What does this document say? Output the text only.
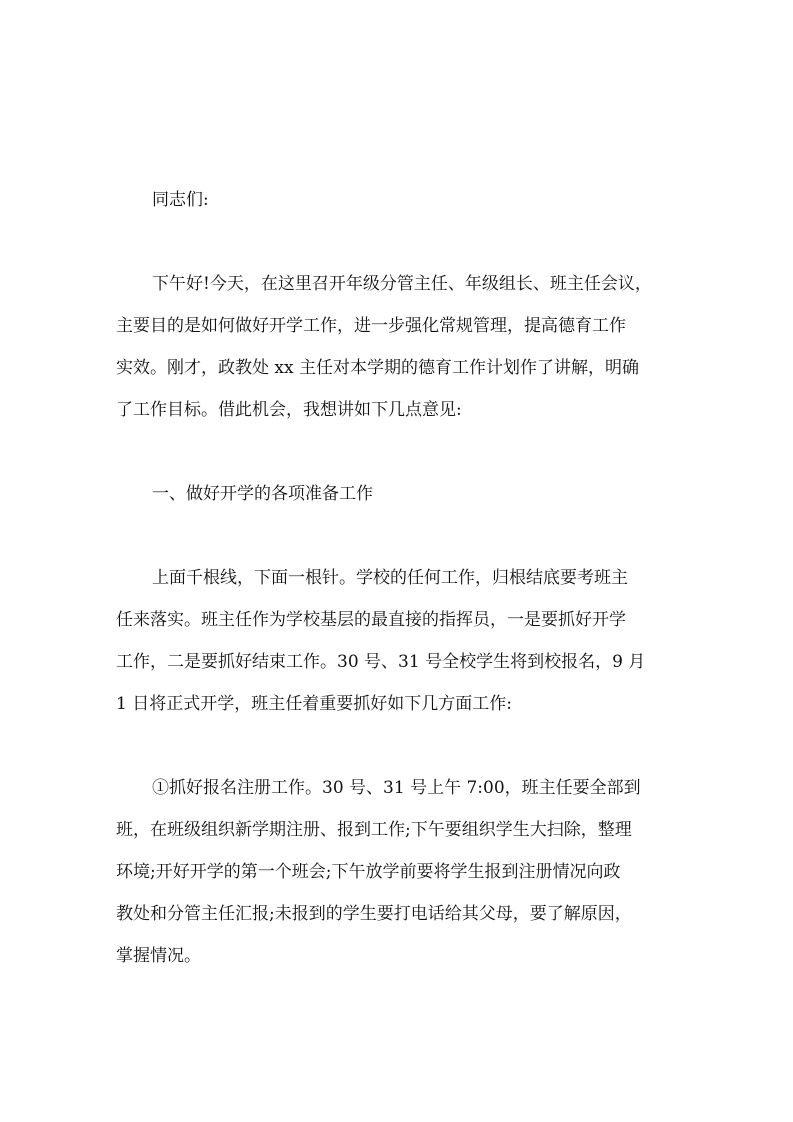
同志们:

下午好!今天，在这里召开年级分管主任、年级组长、班主任会议，

主要目的是如何做好开学工作，进一步强化常规管理，提高德育工作

实效。刚才，政教处 xx 主任对本学期的德育工作计划作了讲解，明确

了工作目标。借此机会，我想讲如下几点意见:

一、做好开学的各项准备工作

上面千根线，下面一根针。学校的任何工作，归根结底要考班主

任来落实。班主任作为学校基层的最直接的指挥员，一是要抓好开学

工作，二是要抓好结束工作。30 号、31 号全校学生将到校报名，9 月

1 日将正式开学，班主任着重要抓好如下几方面工作:

①抓好报名注册工作。30 号、31 号上午 7:00，班主任要全部到

班，在班级组织新学期注册、报到工作;下午要组织学生大扫除，整理

环境;开好开学的第一个班会;下午放学前要将学生报到注册情况向政

教处和分管主任汇报;未报到的学生要打电话给其父母，要了解原因，

掌握情况。
